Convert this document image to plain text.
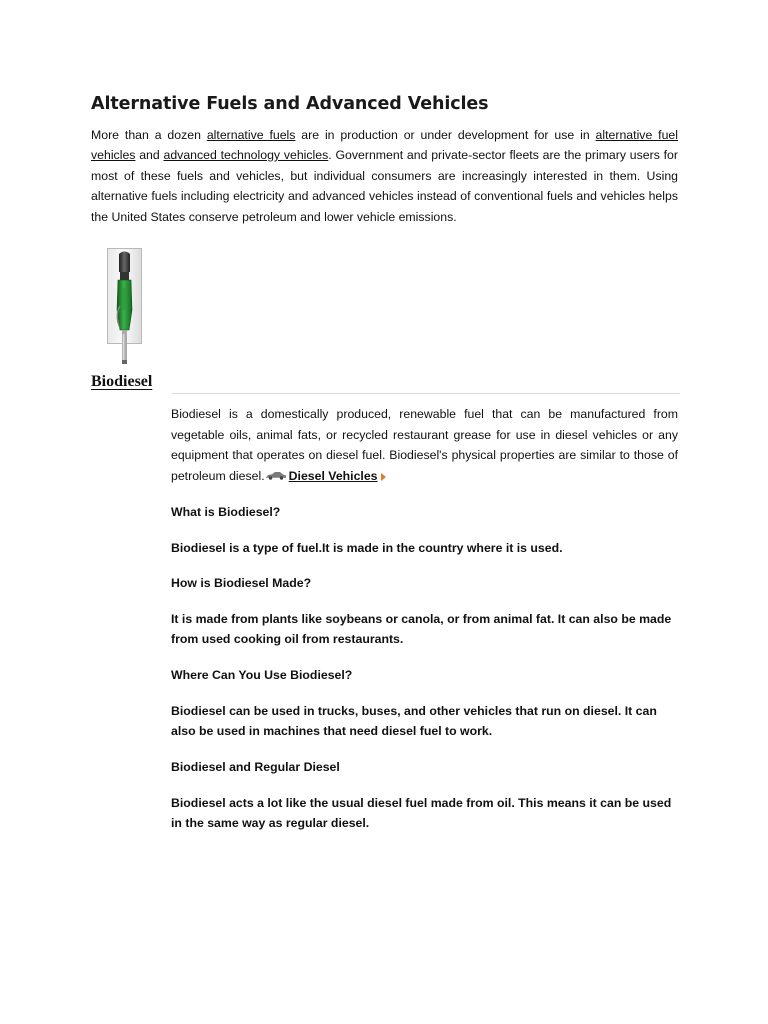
Alternative Fuels and Advanced Vehicles

More than a dozen alternative fuels are in production or under development for use in alternative fuel vehicles and advanced technology vehicles. Government and private-sector fleets are the primary users for most of these fuels and vehicles, but individual consumers are increasingly interested in them. Using alternative fuels including electricity and advanced vehicles instead of conventional fuels and vehicles helps the United States conserve petroleum and lower vehicle emissions.

Biodiesel

Biodiesel is a domestically produced, renewable fuel that can be manufactured from vegetable oils, animal fats, or recycled restaurant grease for use in diesel vehicles or any equipment that operates on diesel fuel. Biodiesel's physical properties are similar to those of petroleum diesel. Diesel Vehicles

What is Biodiesel?

Biodiesel is a type of fuel.It is made in the country where it is used.

How is Biodiesel Made?

It is made from plants like soybeans or canola, or from animal fat. It can also be made from used cooking oil from restaurants.

Where Can You Use Biodiesel?

Biodiesel can be used in trucks, buses, and other vehicles that run on diesel. It can also be used in machines that need diesel fuel to work.

Biodiesel and Regular Diesel

Biodiesel acts a lot like the usual diesel fuel made from oil. This means it can be used in the same way as regular diesel.
